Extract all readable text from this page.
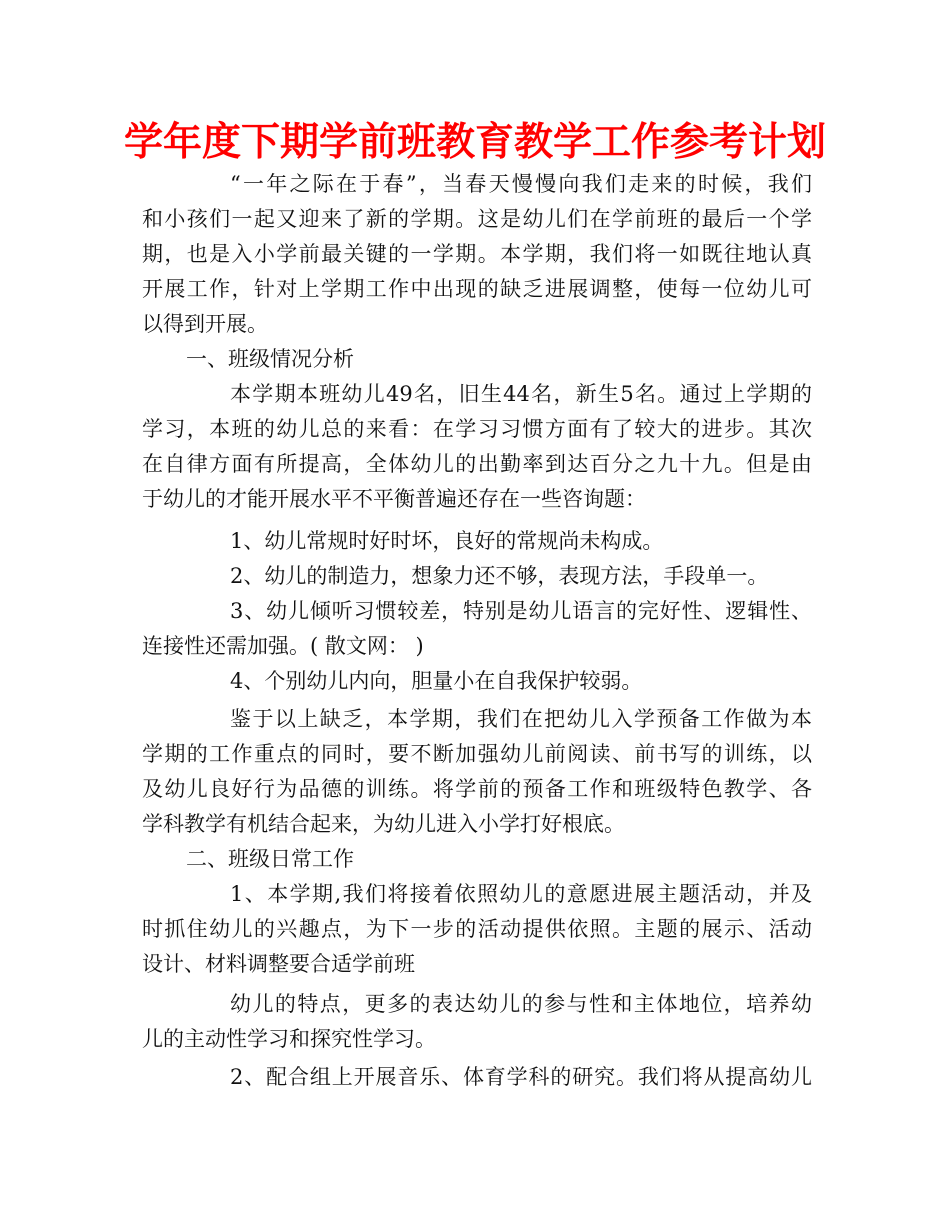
学年度下期学前班教育教学工作参考计划
“一年之际在于春”，当春天慢慢向我们走来的时候，我们
和小孩们一起又迎来了新的学期。这是幼儿们在学前班的最后一个学
期，也是入小学前最关键的一学期。本学期，我们将一如既往地认真
开展工作，针对上学期工作中出现的缺乏进展调整，使每一位幼儿可
以得到开展。
一、班级情况分析
本学期本班幼儿49名，旧生44名，新生5名。通过上学期的
学习，本班的幼儿总的来看：在学习习惯方面有了较大的进步。其次
在自律方面有所提高，全体幼儿的出勤率到达百分之九十九。但是由
于幼儿的才能开展水平不平衡普遍还存在一些咨询题：
1、幼儿常规时好时坏，良好的常规尚未构成。
2、幼儿的制造力，想象力还不够，表现方法，手段单一。
3、幼儿倾听习惯较差，特别是幼儿语言的完好性、逻辑性、
连接性还需加强。( 散文网： )
4、个别幼儿内向，胆量小在自我保护较弱。
鉴于以上缺乏，本学期，我们在把幼儿入学预备工作做为本
学期的工作重点的同时，要不断加强幼儿前阅读、前书写的训练，以
及幼儿良好行为品德的训练。将学前的预备工作和班级特色教学、各
学科教学有机结合起来，为幼儿进入小学打好根底。
二、班级日常工作
1、本学期,我们将接着依照幼儿的意愿进展主题活动，并及
时抓住幼儿的兴趣点，为下一步的活动提供依照。主题的展示、活动
设计、材料调整要合适学前班
幼儿的特点，更多的表达幼儿的参与性和主体地位，培养幼
儿的主动性学习和探究性学习。
2、配合组上开展音乐、体育学科的研究。我们将从提高幼儿
